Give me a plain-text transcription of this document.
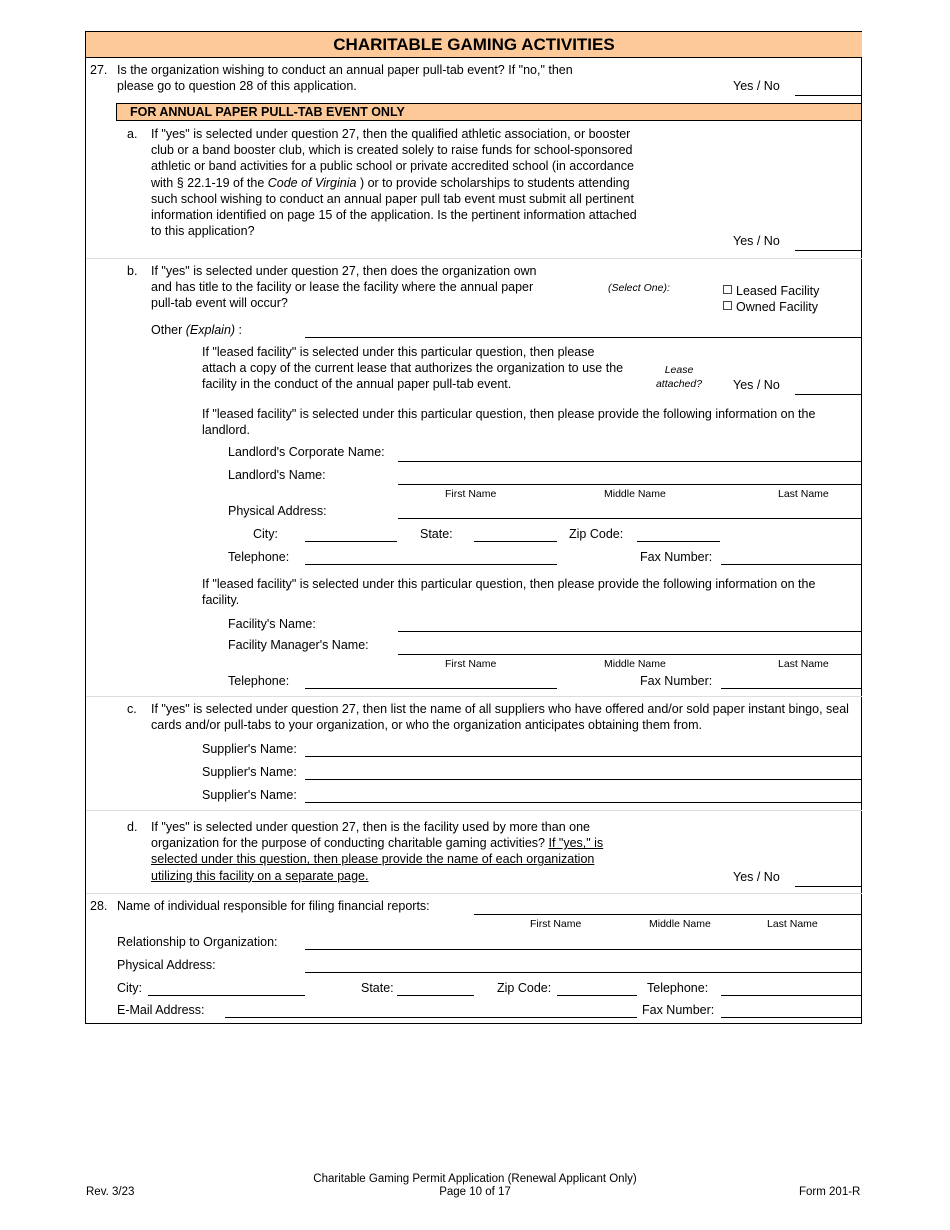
CHARITABLE GAMING ACTIVITIES
27. Is the organization wishing to conduct an annual paper pull-tab event? If "no," then please go to question 28 of this application.	Yes / No
FOR ANNUAL PAPER PULL-TAB EVENT ONLY
a. If "yes" is selected under question 27, then the qualified athletic association, or booster club or a band booster club, which is created solely to raise funds for school-sponsored athletic or band activities for a public school or private accredited school (in accordance with § 22.1-19 of the Code of Virginia ) or to provide scholarships to students attending such school wishing to conduct an annual paper pull tab event must submit all pertinent information identified on page 15 of the application. Is the pertinent information attached to this application?
Yes / No
b. If "yes" is selected under question 27, then does the organization own and has title to the facility or lease the facility where the annual paper pull-tab event will occur?
(Select One):	Leased Facility
Owned Facility
Other (Explain) :
If "leased facility" is selected under this particular question, then please attach a copy of the current lease that authorizes the organization to use the facility in the conduct of the annual paper pull-tab event.
Lease attached? Yes / No
If "leased facility" is selected under this particular question, then please provide the following information on the landlord.
Landlord's Corporate Name:
Landlord's Name:
First Name	Middle Name	Last Name
Physical Address:
City:	State:	Zip Code:
Telephone:	Fax Number:
If "leased facility" is selected under this particular question, then please provide the following information on the facility.
Facility's Name:
Facility Manager's Name:
First Name	Middle Name	Last Name
Telephone:	Fax Number:
c. If "yes" is selected under question 27, then list the name of all suppliers who have offered and/or sold paper instant bingo, seal cards and/or pull-tabs to your organization, or who the organization anticipates obtaining them from.
Supplier's Name:
Supplier's Name:
Supplier's Name:
d. If "yes" is selected under question 27, then is the facility used by more than one organization for the purpose of conducting charitable gaming activities? If "yes," is selected under this question, then please provide the name of each organization utilizing this facility on a separate page.	Yes / No
28. Name of individual responsible for filing financial reports:
First Name	Middle Name	Last Name
Relationship to Organization:
Physical Address:
City:	State:	Zip Code:	Telephone:
E-Mail Address:	Fax Number:
Rev. 3/23
Charitable Gaming Permit Application (Renewal Applicant Only)
Page 10 of 17	Form 201-R
